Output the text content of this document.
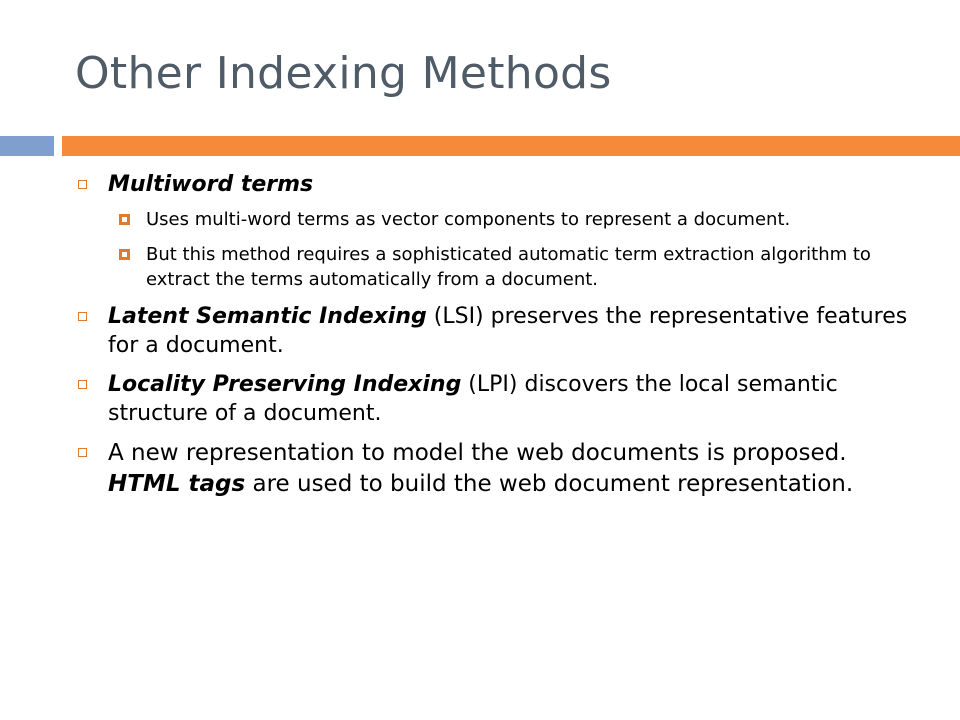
Other Indexing Methods
Multiword terms
Uses multi-word terms as vector components to represent a document.
But this method requires a sophisticated automatic term extraction algorithm to extract the terms automatically from a document.
Latent Semantic Indexing (LSI) preserves the representative features for a document.
Locality Preserving Indexing (LPI) discovers the local semantic structure of a document.
A new representation to model the web documents is proposed.  HTML tags are used to build the web document representation.
